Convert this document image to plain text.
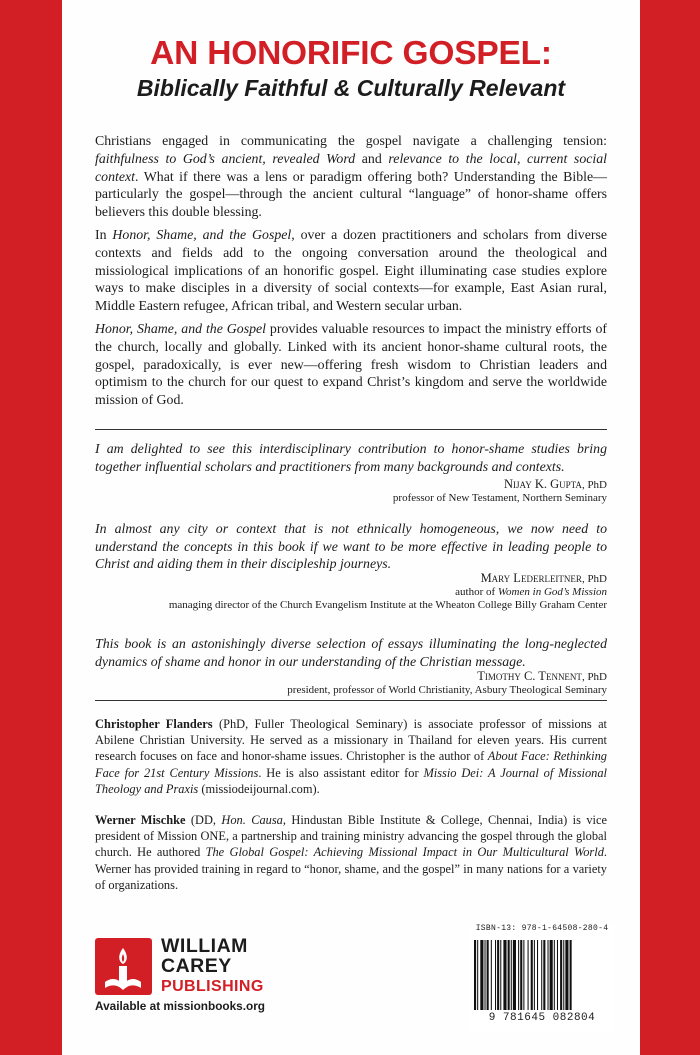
AN HONORIFIC GOSPEL:
Biblically Faithful & Culturally Relevant

Christians engaged in communicating the gospel navigate a challenging tension: faithfulness to God’s ancient, revealed Word and relevance to the local, current social context. What if there was a lens or paradigm offering both? Understanding the Bible—particularly the gospel—through the ancient cultural “language” of honor-shame offers believers this double blessing.

In Honor, Shame, and the Gospel, over a dozen practitioners and scholars from diverse contexts and fields add to the ongoing conversation around the theological and missiological implications of an honorific gospel. Eight illuminating case studies explore ways to make disciples in a diversity of social contexts—for example, East Asian rural, Middle Eastern refugee, African tribal, and Western secular urban.

Honor, Shame, and the Gospel provides valuable resources to impact the ministry efforts of the church, locally and globally. Linked with its ancient honor-shame cultural roots, the gospel, paradoxically, is ever new—offering fresh wisdom to Christian leaders and optimism to the church for our quest to expand Christ’s kingdom and serve the worldwide mission of God.

I am delighted to see this interdisciplinary contribution to honor-shame studies bring together influential scholars and practitioners from many backgrounds and contexts.

Nijay K. Gupta, PhD
professor of New Testament, Northern Seminary

In almost any city or context that is not ethnically homogeneous, we now need to understand the concepts in this book if we want to be more effective in leading people to Christ and aiding them in their discipleship journeys.

Mary Lederleitner, PhD
author of Women in God’s Mission
managing director of the Church Evangelism Institute at the Wheaton College Billy Graham Center

This book is an astonishingly diverse selection of essays illuminating the long-neglected dynamics of shame and honor in our understanding of the Christian message.

Timothy C. Tennent, PhD
president, professor of World Christianity, Asbury Theological Seminary

Christopher Flanders (PhD, Fuller Theological Seminary) is associate professor of missions at Abilene Christian University. He served as a missionary in Thailand for eleven years. His current research focuses on face and honor-shame issues. Christopher is the author of About Face: Rethinking Face for 21st Century Missions. He is also assistant editor for Missio Dei: A Journal of Missional Theology and Praxis (missiodeijournal.com).

Werner Mischke (DD, Hon. Causa, Hindustan Bible Institute & College, Chennai, India) is vice president of Mission ONE, a partnership and training ministry advancing the gospel through the global church. He authored The Global Gospel: Achieving Missional Impact in Our Multicultural World. Werner has provided training in regard to “honor, shame, and the gospel” in many nations for a variety of organizations.

WILLIAM
CAREY
PUBLISHING
Available at missionbooks.org
ISBN-13: 978-1-64508-280-4
9 781645 082804
